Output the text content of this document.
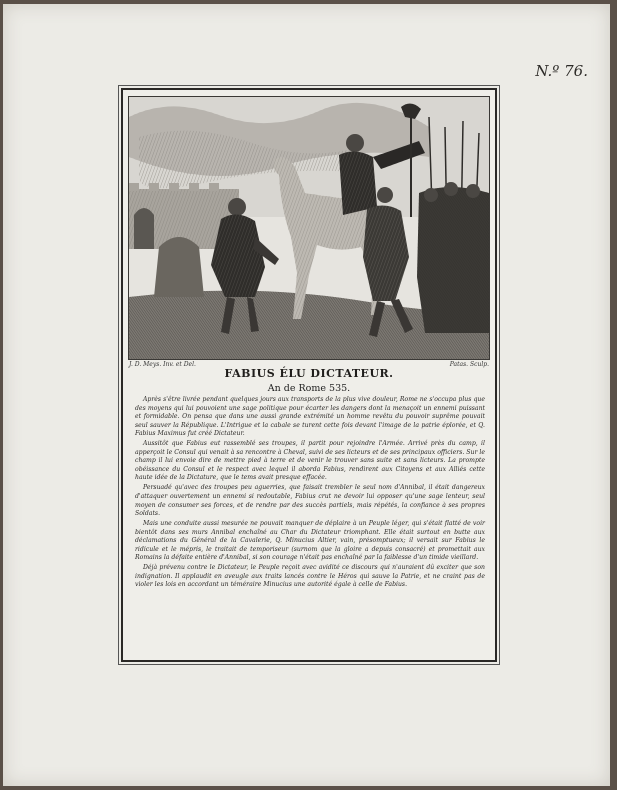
N.º 76.
J. D. Meys. Inv. et Del.	Patas. Sculp.
FABIUS ÉLU DICTATEUR.
An de Rome 535.

Après s'être livrée pendant quelques jours aux transports de la plus vive douleur, Rome ne s'occupa plus que des moyens qui lui pouvoient une sage politique pour écarter les dangers dont la menaçoit un ennemi puissant et formidable. On pensa que dans une aussi grande extrémité un homme revêtu du pouvoir suprême pouvait seul sauver la République. L'Intrigue et la cabale se turent cette fois devant l'image de la patrie éplorée, et Q. Fabius Maximus fut créé Dictateur.

Aussitôt que Fabius eut rassemblé ses troupes, il partit pour rejoindre l'Armée. Arrivé près du camp, il apperçoit le Consul qui venait à sa rencontre à Cheval, suivi de ses licteurs et de ses principaux officiers. Sur le champ il lui envoie dire de mettre pied à terre et de venir le trouver sans suite et sans licteurs. La prompte obéissance du Consul et le respect avec lequel il aborda Fabius, rendirent aux Citoyens et aux Alliés cette haute idée de la Dictature, que le tems avait presque effacée.

Persuadé qu'avec des troupes peu aguerries, que faisait trembler le seul nom d'Annibal, il était dangereux d'attaquer ouvertement un ennemi si redoutable, Fabius crut ne devoir lui opposer qu'une sage lenteur, seul moyen de consumer ses forces, et de rendre par des succès partiels, mais répétés, la confiance à ses propres Soldats.

Mais une conduite aussi mesurée ne pouvait manquer de déplaire à un Peuple léger, qui s'était flatté de voir bientôt dans ses murs Annibal enchaîné au Char du Dictateur triomphant. Elle était surtout en butte aux déclamations du Général de la Cavalerie, Q. Minucius Altier, vain, présomptueux; il versait sur Fabius le ridicule et le mépris, le traitait de temporiseur (surnom que la gloire a depuis consacré) et promettait aux Romains la défaite entière d'Annibal, si son courage n'était pas enchaîné par la faiblesse d'un timide vieillard.

Déjà prévenu contre le Dictateur, le Peuple reçoit avec avidité ce discours qui n'auraient dû exciter que son indignation. Il applaudit en aveugle aux traits lancés contre le Héros qui sauve la Patrie, et ne craint pas de violer les lois en accordant un téméraire Minucius une autorité égale à celle de Fabius.
